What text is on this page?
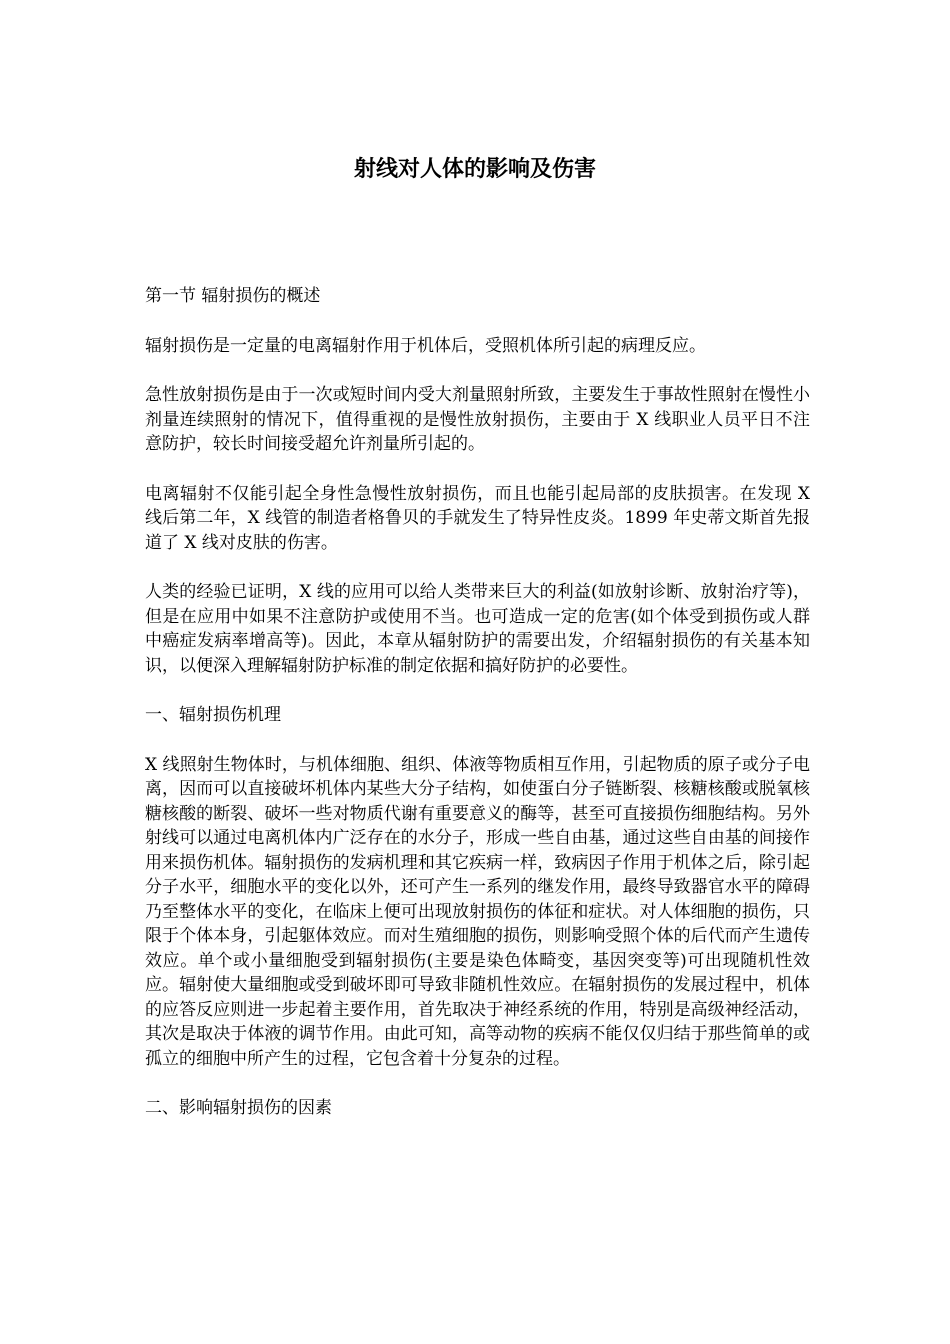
射线对人体的影响及伤害

第一节 辐射损伤的概述

辐射损伤是一定量的电离辐射作用于机体后，受照机体所引起的病理反应。

急性放射损伤是由于一次或短时间内受大剂量照射所致，主要发生于事故性照射在慢性小剂量连续照射的情况下，值得重视的是慢性放射损伤，主要由于 X 线职业人员平日不注意防护，较长时间接受超允许剂量所引起的。

电离辐射不仅能引起全身性急慢性放射损伤，而且也能引起局部的皮肤损害。在发现 X 线后第二年，X 线管的制造者格鲁贝的手就发生了特异性皮炎。1899 年史蒂文斯首先报道了 X 线对皮肤的伤害。

人类的经验已证明，X 线的应用可以给人类带来巨大的利益(如放射诊断、放射治疗等)，但是在应用中如果不注意防护或使用不当。也可造成一定的危害(如个体受到损伤或人群中癌症发病率增高等)。因此，本章从辐射防护的需要出发，介绍辐射损伤的有关基本知识，以便深入理解辐射防护标准的制定依据和搞好防护的必要性。

一、辐射损伤机理

X 线照射生物体时，与机体细胞、组织、体液等物质相互作用，引起物质的原子或分子电离，因而可以直接破坏机体内某些大分子结构，如使蛋白分子链断裂、核糖核酸或脱氧核糖核酸的断裂、破坏一些对物质代谢有重要意义的酶等，甚至可直接损伤细胞结构。另外射线可以通过电离机体内广泛存在的水分子，形成一些自由基，通过这些自由基的间接作用来损伤机体。辐射损伤的发病机理和其它疾病一样，致病因子作用于机体之后，除引起分子水平，细胞水平的变化以外，还可产生一系列的继发作用，最终导致器官水平的障碍乃至整体水平的变化，在临床上便可出现放射损伤的体征和症状。对人体细胞的损伤，只限于个体本身，引起躯体效应。而对生殖细胞的损伤，则影响受照个体的后代而产生遗传效应。单个或小量细胞受到辐射损伤(主要是染色体畸变，基因突变等)可出现随机性效应。辐射使大量细胞或受到破坏即可导致非随机性效应。在辐射损伤的发展过程中，机体的应答反应则进一步起着主要作用，首先取决于神经系统的作用，特别是高级神经活动，其次是取决于体液的调节作用。由此可知，高等动物的疾病不能仅仅归结于那些简单的或孤立的细胞中所产生的过程，它包含着十分复杂的过程。

二、影响辐射损伤的因素
